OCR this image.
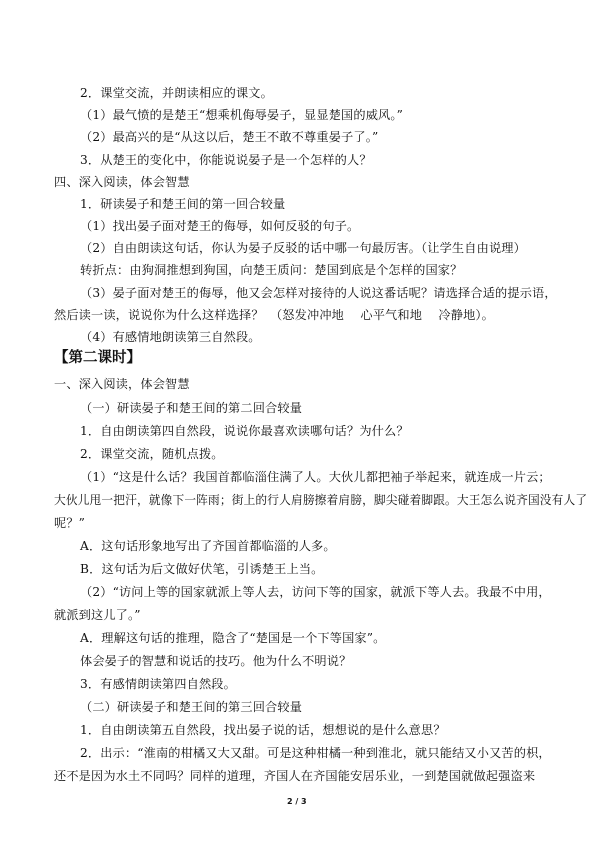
2．课堂交流，并朗读相应的课文。
（1）最气愤的是楚王“想乘机侮辱晏子，显显楚国的威风。”
（2）最高兴的是“从这以后，楚王不敢不尊重晏子了。”
3．从楚王的变化中，你能说说晏子是一个怎样的人？
四、深入阅读，体会智慧
1．研读晏子和楚王间的第一回合较量
（1）找出晏子面对楚王的侮辱，如何反驳的句子。
（2）自由朗读这句话，你认为晏子反驳的话中哪一句最厉害。（让学生自由说理）
转折点：由狗洞推想到狗国，向楚王质问：楚国到底是个怎样的国家？
（3）晏子面对楚王的侮辱，他又会怎样对接待的人说这番话呢？请选择合适的提示语，
然后读一读，说说你为什么这样选择？　（怒发冲冲地　 心平气和地　 冷静地）。
（4）有感情地朗读第三自然段。
【第二课时】
一、深入阅读，体会智慧
（一）研读晏子和楚王间的第二回合较量
1．自由朗读第四自然段，说说你最喜欢读哪句话？为什么？
2．课堂交流，随机点拨。
（1）“这是什么话？我国首都临淄住满了人。大伙儿都把袖子举起来，就连成一片云；
大伙儿甩一把汗，就像下一阵雨；街上的行人肩膀擦着肩膀，脚尖碰着脚跟。大王怎么说齐国没有人了
呢？”
A．这句话形象地写出了齐国首都临淄的人多。
B．这句话为后文做好伏笔，引诱楚王上当。
（2）“访问上等的国家就派上等人去，访问下等的国家，就派下等人去。我最不中用，
就派到这儿了。”
A．理解这句话的推理，隐含了“楚国是一个下等国家”。
体会晏子的智慧和说话的技巧。他为什么不明说？
3．有感情朗读第四自然段。
（二）研读晏子和楚王间的第三回合较量
1．自由朗读第五自然段，找出晏子说的话，想想说的是什么意思？
2．出示：“淮南的柑橘又大又甜。可是这种柑橘一种到淮北，就只能结又小又苦的枳，
还不是因为水土不同吗？同样的道理，齐国人在齐国能安居乐业，一到楚国就做起强盗来
2 / 3
